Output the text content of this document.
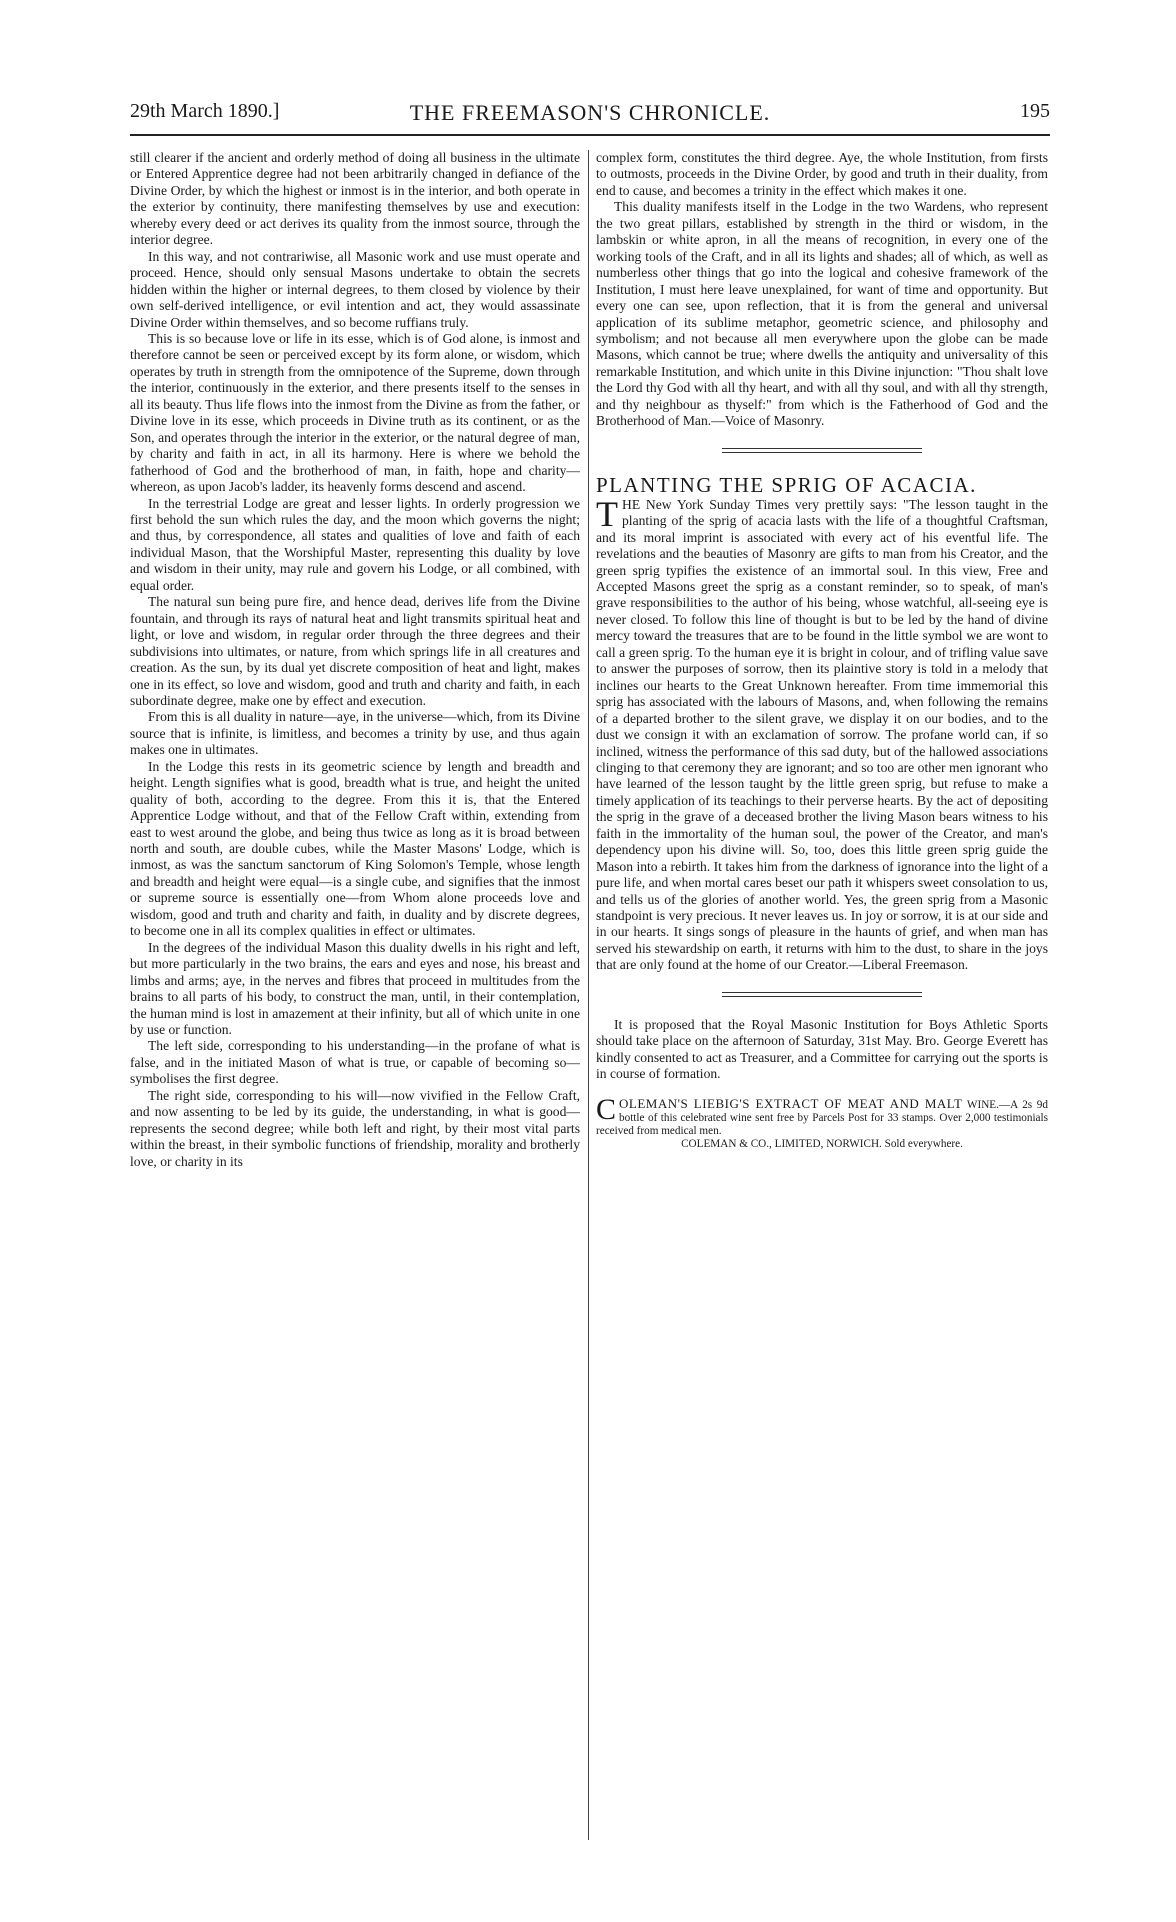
29th March 1890.]	THE FREEMASON'S CHRONICLE.	195

still clearer if the ancient and orderly method of doing all business in the ultimate or Entered Apprentice degree had not been arbitrarily changed in defiance of the Divine Order, by which the highest or inmost is in the interior, and both operate in the exterior by continuity, there manifesting themselves by use and execution: whereby every deed or act derives its quality from the inmost source, through the interior degree.

In this way, and not contrariwise, all Masonic work and use must operate and proceed. Hence, should only sensual Masons undertake to obtain the secrets hidden within the higher or internal degrees, to them closed by violence by their own self-derived intelligence, or evil intention and act, they would assassinate Divine Order within themselves, and so become ruffians truly.

This is so because love or life in its esse, which is of God alone, is inmost and therefore cannot be seen or perceived except by its form alone, or wisdom, which operates by truth in strength from the omnipotence of the Supreme, down through the interior, continuously in the exterior, and there presents itself to the senses in all its beauty. Thus life flows into the inmost from the Divine as from the father, or Divine love in its esse, which proceeds in Divine truth as its continent, or as the Son, and operates through the interior in the exterior, or the natural degree of man, by charity and faith in act, in all its harmony. Here is where we behold the fatherhood of God and the brotherhood of man, in faith, hope and charity—whereon, as upon Jacob's ladder, its heavenly forms descend and ascend.

In the terrestrial Lodge are great and lesser lights. In orderly progression we first behold the sun which rules the day, and the moon which governs the night; and thus, by correspondence, all states and qualities of love and faith of each individual Mason, that the Worshipful Master, representing this duality by love and wisdom in their unity, may rule and govern his Lodge, or all combined, with equal order.

The natural sun being pure fire, and hence dead, derives life from the Divine fountain, and through its rays of natural heat and light transmits spiritual heat and light, or love and wisdom, in regular order through the three degrees and their subdivisions into ultimates, or nature, from which springs life in all creatures and creation. As the sun, by its dual yet discrete composition of heat and light, makes one in its effect, so love and wisdom, good and truth and charity and faith, in each subordinate degree, make one by effect and execution.

From this is all duality in nature—aye, in the universe—which, from its Divine source that is infinite, is limitless, and becomes a trinity by use, and thus again makes one in ultimates.

In the Lodge this rests in its geometric science by length and breadth and height. Length signifies what is good, breadth what is true, and height the united quality of both, according to the degree. From this it is, that the Entered Apprentice Lodge without, and that of the Fellow Craft within, extending from east to west around the globe, and being thus twice as long as it is broad between north and south, are double cubes, while the Master Masons' Lodge, which is inmost, as was the sanctum sanctorum of King Solomon's Temple, whose length and breadth and height were equal—is a single cube, and signifies that the inmost or supreme source is essentially one—from Whom alone proceeds love and wisdom, good and truth and charity and faith, in duality and by discrete degrees, to become one in all its complex qualities in effect or ultimates.

In the degrees of the individual Mason this duality dwells in his right and left, but more particularly in the two brains, the ears and eyes and nose, his breast and limbs and arms; aye, in the nerves and fibres that proceed in multitudes from the brains to all parts of his body, to construct the man, until, in their contemplation, the human mind is lost in amazement at their infinity, but all of which unite in one by use or function.

The left side, corresponding to his understanding—in the profane of what is false, and in the initiated Mason of what is true, or capable of becoming so—symbolises the first degree.

The right side, corresponding to his will—now vivified in the Fellow Craft, and now assenting to be led by its guide, the understanding, in what is good—represents the second degree; while both left and right, by their most vital parts within the breast, in their symbolic functions of friendship, morality and brotherly love, or charity in its

complex form, constitutes the third degree. Aye, the whole Institution, from firsts to outmosts, proceeds in the Divine Order, by good and truth in their duality, from end to cause, and becomes a trinity in the effect which makes it one.

This duality manifests itself in the Lodge in the two Wardens, who represent the two great pillars, established by strength in the third or wisdom, in the lambskin or white apron, in all the means of recognition, in every one of the working tools of the Craft, and in all its lights and shades; all of which, as well as numberless other things that go into the logical and cohesive framework of the Institution, I must here leave unexplained, for want of time and opportunity. But every one can see, upon reflection, that it is from the general and universal application of its sublime metaphor, geometric science, and philosophy and symbolism; and not because all men everywhere upon the globe can be made Masons, which cannot be true; where dwells the antiquity and universality of this remarkable Institution, and which unite in this Divine injunction: "Thou shalt love the Lord thy God with all thy heart, and with all thy soul, and with all thy strength, and thy neighbour as thyself:" from which is the Fatherhood of God and the Brotherhood of Man.—Voice of Masonry.

PLANTING THE SPRIG OF ACACIA.

THE New York Sunday Times very prettily says: "The lesson taught in the planting of the sprig of acacia lasts with the life of a thoughtful Craftsman, and its moral imprint is associated with every act of his eventful life. The revelations and the beauties of Masonry are gifts to man from his Creator, and the green sprig typifies the existence of an immortal soul. In this view, Free and Accepted Masons greet the sprig as a constant reminder, so to speak, of man's grave responsibilities to the author of his being, whose watchful, all-seeing eye is never closed. To follow this line of thought is but to be led by the hand of divine mercy toward the treasures that are to be found in the little symbol we are wont to call a green sprig. To the human eye it is bright in colour, and of trifling value save to answer the purposes of sorrow, then its plaintive story is told in a melody that inclines our hearts to the Great Unknown hereafter. From time immemorial this sprig has associated with the labours of Masons, and, when following the remains of a departed brother to the silent grave, we display it on our bodies, and to the dust we consign it with an exclamation of sorrow. The profane world can, if so inclined, witness the performance of this sad duty, but of the hallowed associations clinging to that ceremony they are ignorant; and so too are other men ignorant who have learned of the lesson taught by the little green sprig, but refuse to make a timely application of its teachings to their perverse hearts. By the act of depositing the sprig in the grave of a deceased brother the living Mason bears witness to his faith in the immortality of the human soul, the power of the Creator, and man's dependency upon his divine will. So, too, does this little green sprig guide the Mason into a rebirth. It takes him from the darkness of ignorance into the light of a pure life, and when mortal cares beset our path it whispers sweet consolation to us, and tells us of the glories of another world. Yes, the green sprig from a Masonic standpoint is very precious. It never leaves us. In joy or sorrow, it is at our side and in our hearts. It sings songs of pleasure in the haunts of grief, and when man has served his stewardship on earth, it returns with him to the dust, to share in the joys that are only found at the home of our Creator.—Liberal Freemason.

It is proposed that the Royal Masonic Institution for Boys Athletic Sports should take place on the afternoon of Saturday, 31st May. Bro. George Everett has kindly consented to act as Treasurer, and a Committee for carrying out the sports is in course of formation.

COLEMAN'S LIEBIG'S EXTRACT OF MEAT AND MALT WINE.—A 2s 9d bottle of this celebrated wine sent free by Parcels Post for 33 stamps. Over 2,000 testimonials received from medical men.
COLEMAN & CO., LIMITED, NORWICH. Sold everywhere.
